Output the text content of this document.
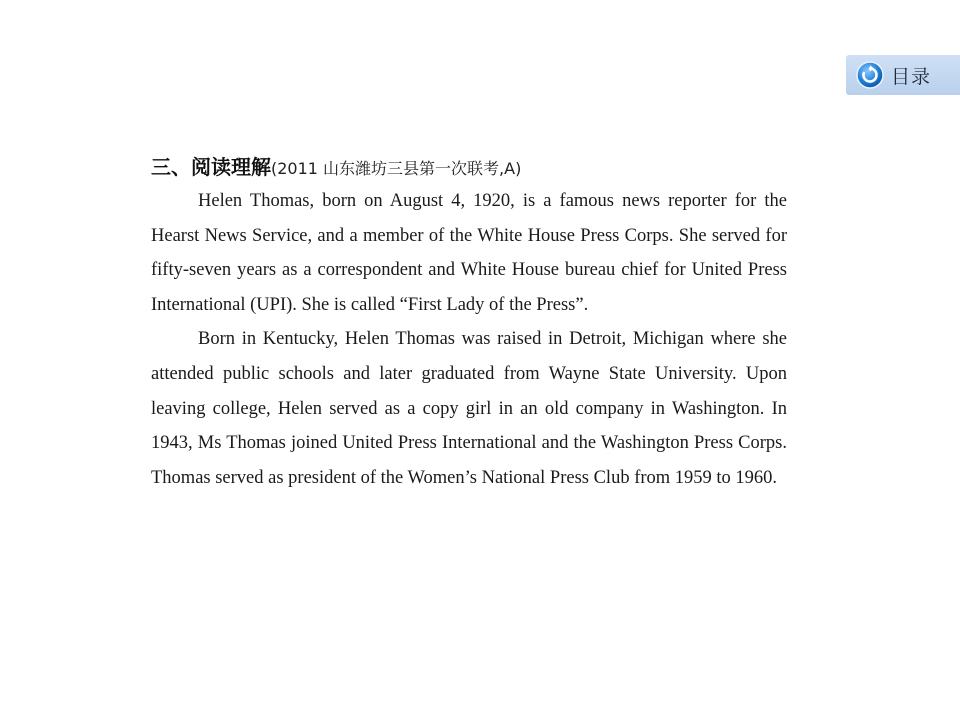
目录
三、阅读理解(2011 山东潍坊三县第一次联考,A)

Helen Thomas, born on August 4, 1920, is a famous news reporter for the Hearst News Service, and a member of the White House Press Corps. She served for fifty-seven years as a correspondent and White House bureau chief for United Press International (UPI). She is called “First Lady of the Press”.

Born in Kentucky, Helen Thomas was raised in Detroit, Michigan where she attended public schools and later graduated from Wayne State University. Upon leaving college, Helen served as a copy girl in an old company in Washington. In 1943, Ms Thomas joined United Press International and the Washington Press Corps. Thomas served as president of the Women’s National Press Club from 1959 to 1960.
